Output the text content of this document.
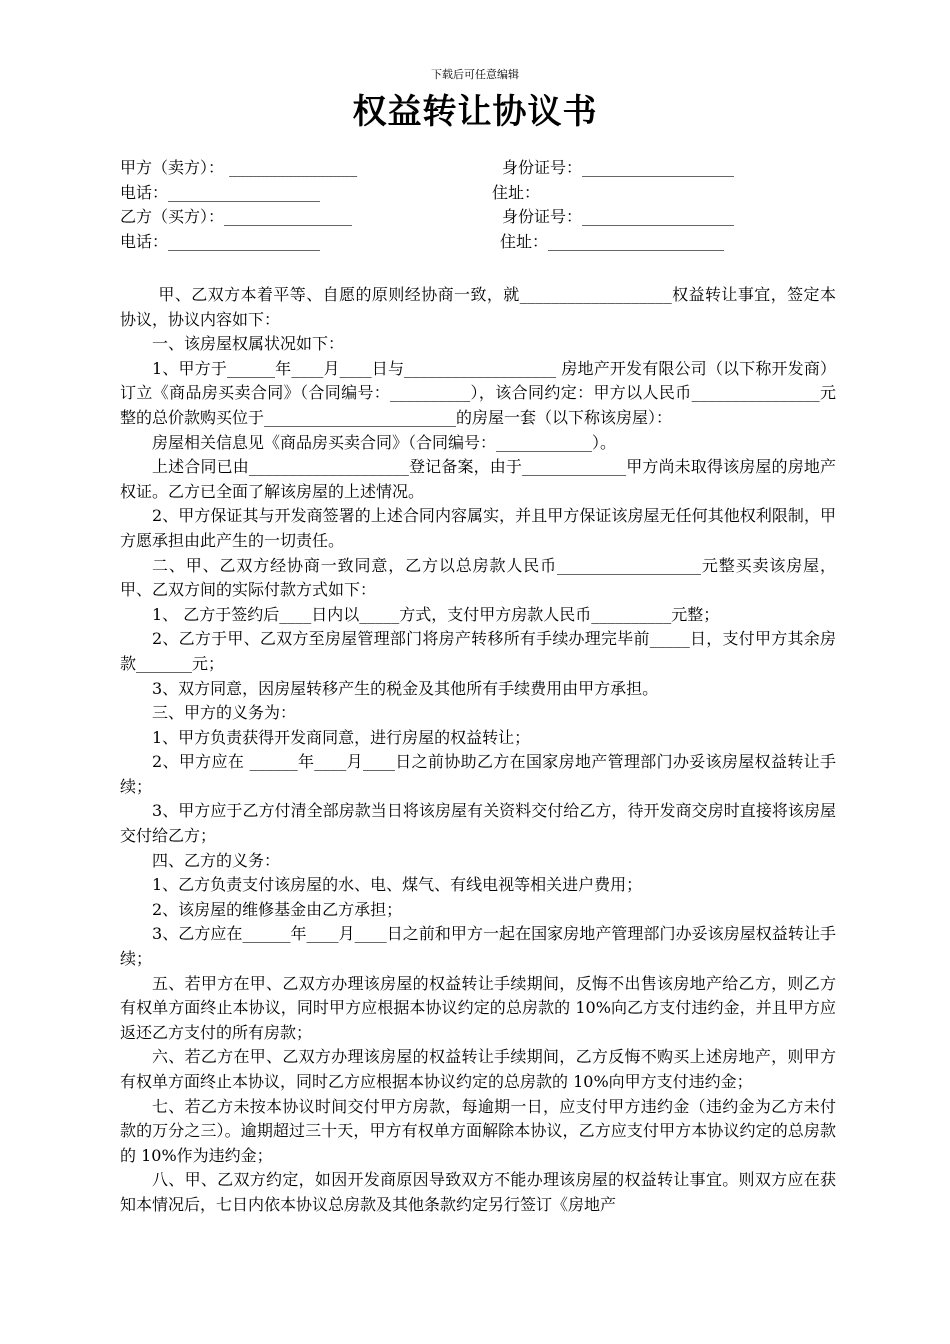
下载后可任意编辑
权益转让协议书
甲方（卖方）： ________________	身份证号：___________________
电话：___________________	住址：
乙方（买方）：________________	身份证号：___________________
电话：___________________	住址：______________________

甲、乙双方本着平等、自愿的原则经协商一致，就___________________权益转让事宜，签定本协议，协议内容如下：

一、该房屋权属状况如下：

1、甲方于______年____月____日与___________________ 房地产开发有限公司（以下称开发商）订立《商品房买卖合同》（合同编号：__________），该合同约定：甲方以人民币________________元整的总价款购买位于________________________的房屋一套（以下称该房屋）：

房屋相关信息见《商品房买卖合同》（合同编号：____________）。

上述合同已由____________________登记备案，由于_____________甲方尚未取得该房屋的房地产权证。乙方已全面了解该房屋的上述情况。

2、甲方保证其与开发商签署的上述合同内容属实，并且甲方保证该房屋无任何其他权利限制，甲方愿承担由此产生的一切责任。

二、甲、乙双方经协商一致同意，乙方以总房款人民币__________________元整买卖该房屋，甲、乙双方间的实际付款方式如下：

1、 乙方于签约后____日内以_____方式，支付甲方房款人民币__________元整；

2、乙方于甲、乙双方至房屋管理部门将房产转移所有手续办理完毕前_____日，支付甲方其余房款_______元；

3、双方同意，因房屋转移产生的税金及其他所有手续费用由甲方承担。

三、甲方的义务为：

1、甲方负责获得开发商同意，进行房屋的权益转让；

2、甲方应在 ______年____月____日之前协助乙方在国家房地产管理部门办妥该房屋权益转让手续；

3、甲方应于乙方付清全部房款当日将该房屋有关资料交付给乙方，待开发商交房时直接将该房屋交付给乙方；

四、乙方的义务：

1、乙方负责支付该房屋的水、电、煤气、有线电视等相关进户费用；

2、该房屋的维修基金由乙方承担；

3、乙方应在______年____月____日之前和甲方一起在国家房地产管理部门办妥该房屋权益转让手续；

五、若甲方在甲、乙双方办理该房屋的权益转让手续期间，反悔不出售该房地产给乙方，则乙方有权单方面终止本协议，同时甲方应根据本协议约定的总房款的 10%向乙方支付违约金，并且甲方应返还乙方支付的所有房款；

六、若乙方在甲、乙双方办理该房屋的权益转让手续期间，乙方反悔不购买上述房地产，则甲方有权单方面终止本协议，同时乙方应根据本协议约定的总房款的 10%向甲方支付违约金；

七、若乙方未按本协议时间交付甲方房款，每逾期一日，应支付甲方违约金（违约金为乙方未付款的万分之三）。逾期超过三十天，甲方有权单方面解除本协议，乙方应支付甲方本协议约定的总房款的 10%作为违约金；

八、甲、乙双方约定，如因开发商原因导致双方不能办理该房屋的权益转让事宜。则双方应在获知本情况后，七日内依本协议总房款及其他条款约定另行签订《房地产
